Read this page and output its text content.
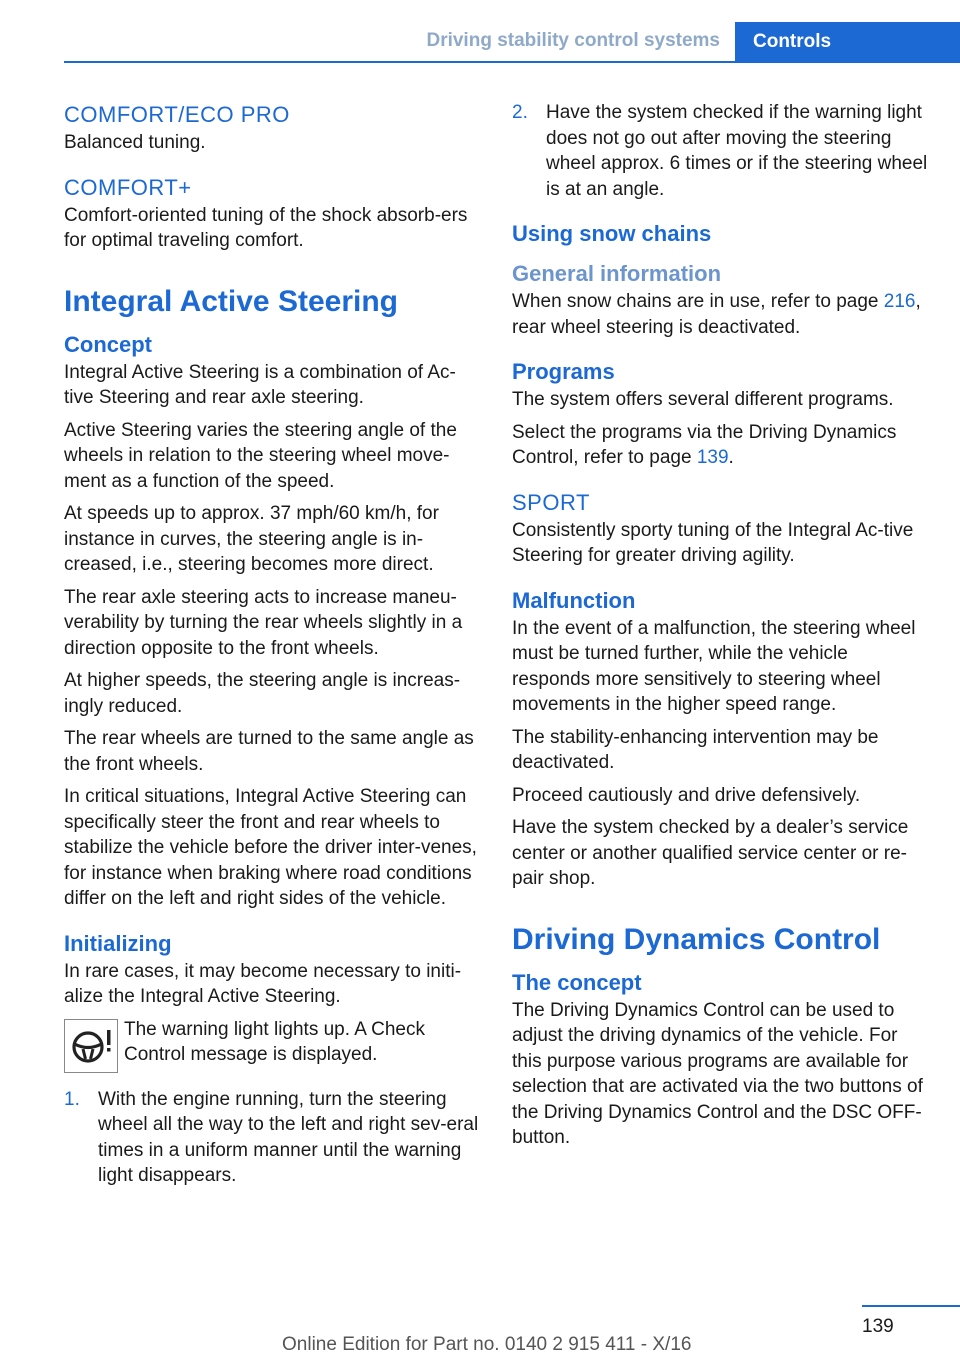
Driving stability control systems	Controls
COMFORT/ECO PRO

Balanced tuning.

COMFORT+

Comfort-oriented tuning of the shock absorb-ers for optimal traveling comfort.

Integral Active Steering
Concept

Integral Active Steering is a combination of Ac-tive Steering and rear axle steering.

Active Steering varies the steering angle of the wheels in relation to the steering wheel move-ment as a function of the speed.

At speeds up to approx. 37 mph/60 km/h, for instance in curves, the steering angle is in-creased, i.e., steering becomes more direct.

The rear axle steering acts to increase maneu-verability by turning the rear wheels slightly in a direction opposite to the front wheels.

At higher speeds, the steering angle is increas-ingly reduced.

The rear wheels are turned to the same angle as the front wheels.

In critical situations, Integral Active Steering can specifically steer the front and rear wheels to stabilize the vehicle before the driver inter-venes, for instance when braking where road conditions differ on the left and right sides of the vehicle.

Initializing

In rare cases, it may become necessary to initi-alize the Integral Active Steering.

The warning light lights up. A Check Control message is displayed.

1. With the engine running, turn the steering wheel all the way to the left and right sev-eral times in a uniform manner until the warning light disappears.

2. Have the system checked if the warning light does not go out after moving the steering wheel approx. 6 times or if the steering wheel is at an angle.

Using snow chains
General information

When snow chains are in use, refer to page 216, rear wheel steering is deactivated.

Programs

The system offers several different programs.

Select the programs via the Driving Dynamics Control, refer to page 139.

SPORT

Consistently sporty tuning of the Integral Ac-tive Steering for greater driving agility.

Malfunction

In the event of a malfunction, the steering wheel must be turned further, while the vehicle responds more sensitively to steering wheel movements in the higher speed range.

The stability-enhancing intervention may be deactivated.

Proceed cautiously and drive defensively.

Have the system checked by a dealer’s service center or another qualified service center or re-pair shop.

Driving Dynamics Control
The concept

The Driving Dynamics Control can be used to adjust the driving dynamics of the vehicle. For this purpose various programs are available for selection that are activated via the two buttons of the Driving Dynamics Control and the DSC OFF-button.

139
Online Edition for Part no. 0140 2 915 411 - X/16
